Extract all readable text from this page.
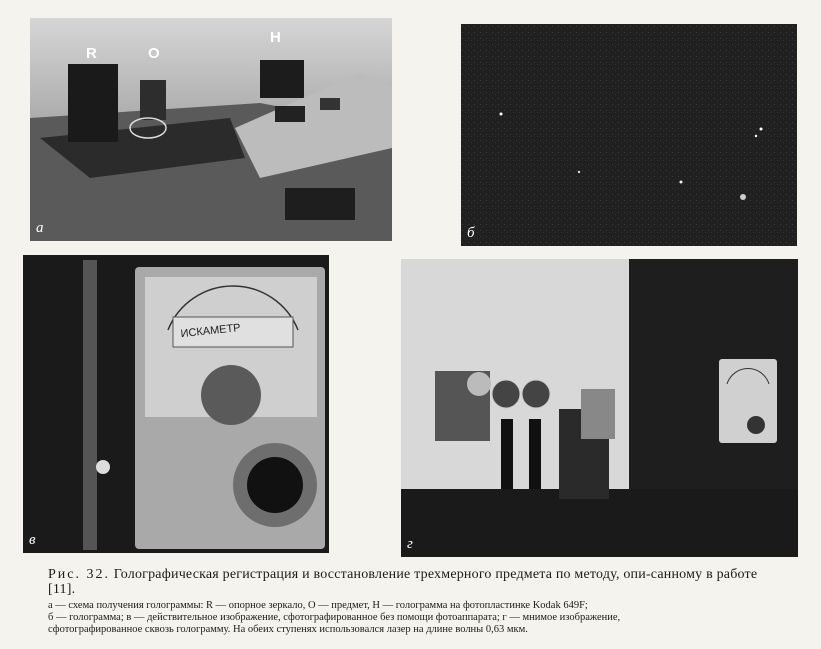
R	O
H
а	б
ИСКАМЕТР
в	г
Рис. 32. Голографическая регистрация и восстановление трехмерного предмета по методу, опи-санному в работе [11].
а — схема получения голограммы: R — опорное зеркало, O — предмет, H — голограмма на фотопластинке Kodak 649F;
б — голограмма; в — действительное изображение, сфотографированное без помощи фотоаппарата; г — мнимое изображение,
сфотографированное сквозь голограмму. На обеих ступенях использовался лазер на длине волны 0,63 мкм.
